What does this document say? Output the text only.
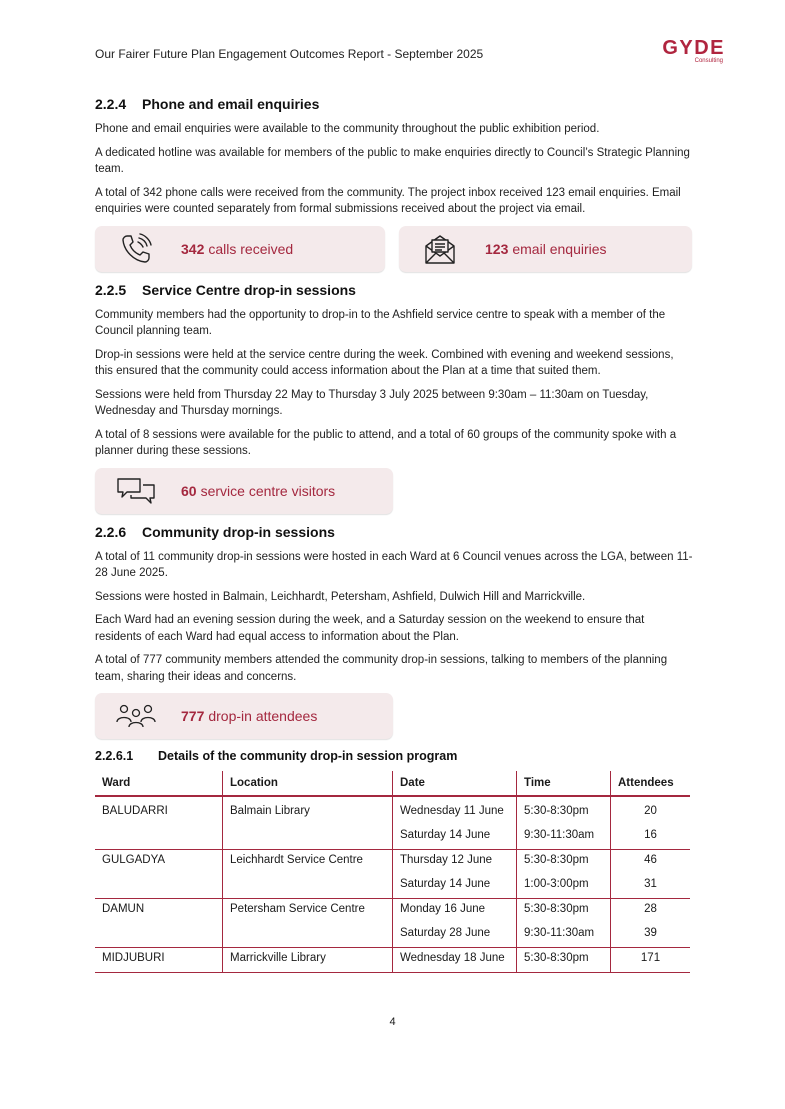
Our Fairer Future Plan Engagement Outcomes Report - September 2025	GYDE
Consulting
2.2.4 Phone and email enquiries

Phone and email enquiries were available to the community throughout the public exhibition period.

A dedicated hotline was available for members of the public to make enquiries directly to Council’s Strategic Planning team.

A total of 342 phone calls were received from the community. The project inbox received 123 email enquiries. Email enquiries were counted separately from formal submissions received about the project via email.

342 calls received	123 email enquiries
2.2.5 Service Centre drop-in sessions

Community members had the opportunity to drop-in to the Ashfield service centre to speak with a member of the Council planning team.

Drop-in sessions were held at the service centre during the week. Combined with evening and weekend sessions, this ensured that the community could access information about the Plan at a time that suited them.

Sessions were held from Thursday 22 May to Thursday 3 July 2025 between 9:30am – 11:30am on Tuesday, Wednesday and Thursday mornings.

A total of 8 sessions were available for the public to attend, and a total of 60 groups of the community spoke with a planner during these sessions.

60 service centre visitors
2.2.6 Community drop-in sessions

A total of 11 community drop-in sessions were hosted in each Ward at 6 Council venues across the LGA, between 11-28 June 2025.

Sessions were hosted in Balmain, Leichhardt, Petersham, Ashfield, Dulwich Hill and Marrickville.

Each Ward had an evening session during the week, and a Saturday session on the weekend to ensure that residents of each Ward had equal access to information about the Plan.

A total of 777 community members attended the community drop-in sessions, talking to members of the planning team, sharing their ideas and concerns.

777 drop-in attendees
2.2.6.1 Details of the community drop-in session program
Ward	Location	Date	Time	Attendees
BALUDARRI	Balmain Library	Wednesday 11 June	5:30-8:30pm	20
		Saturday 14 June	9:30-11:30am	16
GULGADYA	Leichhardt Service Centre	Thursday 12 June	5:30-8:30pm	46
		Saturday 14 June	1:00-3:00pm	31
DAMUN	Petersham Service Centre	Monday 16 June	5:30-8:30pm	28
		Saturday 28 June	9:30-11:30am	39
MIDJUBURI	Marrickville Library	Wednesday 18 June	5:30-8:30pm	171
4
